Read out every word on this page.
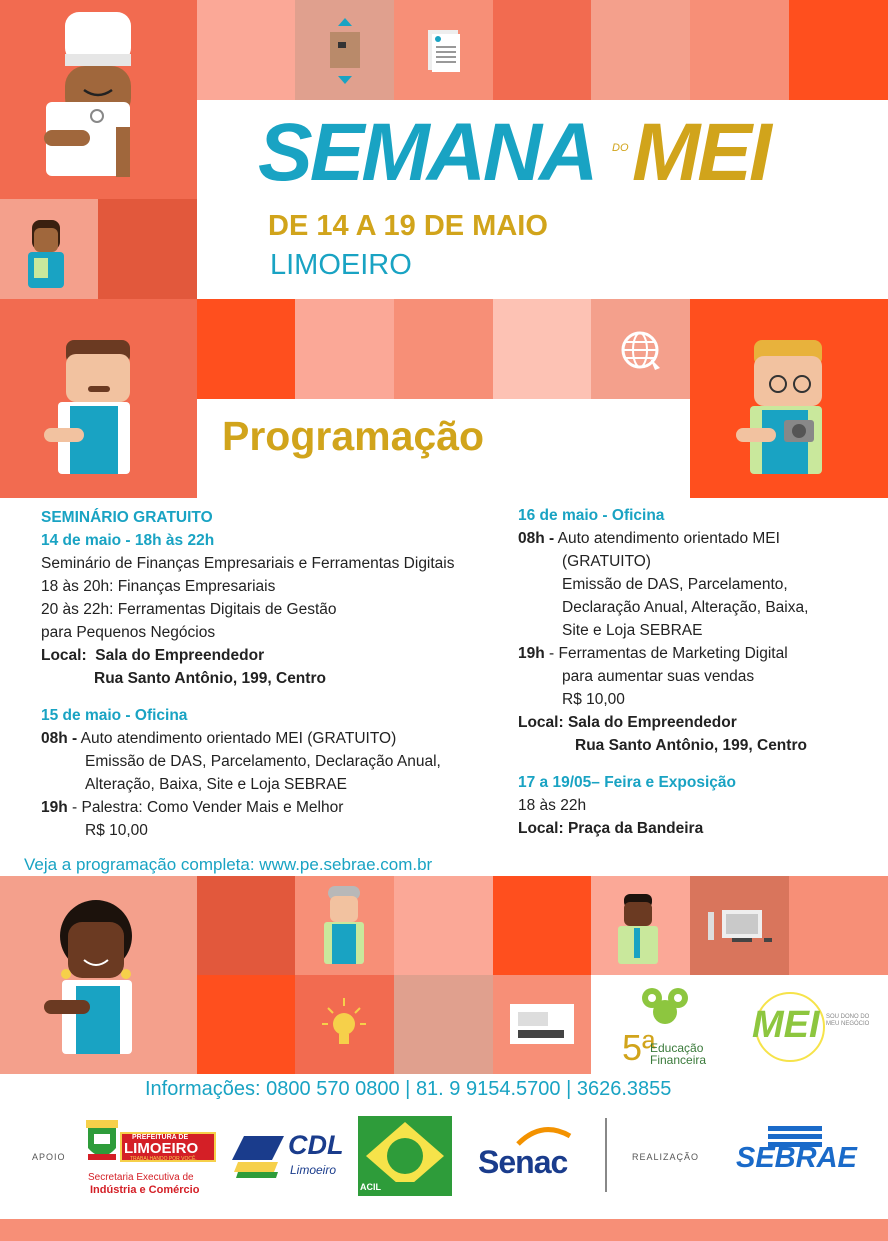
SEMANA DO MEI
DE 14 A 19 DE MAIO
LIMOEIRO
Programação
SEMINÁRIO GRATUITO
14 de maio - 18h às 22h
Seminário de Finanças Empresariais e Ferramentas Digitais
18 às 20h: Finanças Empresariais
20 às 22h: Ferramentas Digitais de Gestão
para Pequenos Negócios
Local: Sala do Empreendedor
Rua Santo Antônio, 199, Centro
15 de maio - Oficina
08h - Auto atendimento orientado MEI (GRATUITO)
Emissão de DAS, Parcelamento, Declaração Anual,
Alteração, Baixa, Site e Loja SEBRAE
19h - Palestra: Como Vender Mais e Melhor
R$ 10,00
16 de maio - Oficina
08h - Auto atendimento orientado MEI
(GRATUITO)
Emissão de DAS, Parcelamento,
Declaração Anual, Alteração, Baixa,
Site e Loja SEBRAE
19h - Ferramentas de Marketing Digital
para aumentar suas vendas
R$ 10,00
Local: Sala do Empreendedor
Rua Santo Antônio, 199, Centro
17 a 19/05– Feira e Exposição
18 às 22h
Local: Praça da Bandeira
Veja a programação completa: www.pe.sebrae.com.br
5ª
Educação
Financeira
MEI SOU DONO DO MEU NEGÓCIO
Informações: 0800 570 0800 | 81. 9 9154.5700 | 3626.3855
APOIO
PREFEITURA DE
LIMOEIRO
TRABALHANDO POR VOCÊ.
Secretaria Executiva de
Indústria e Comércio
CDL
Limoeiro
ACIL
Senac	REALIZAÇÃO SEBRAE
